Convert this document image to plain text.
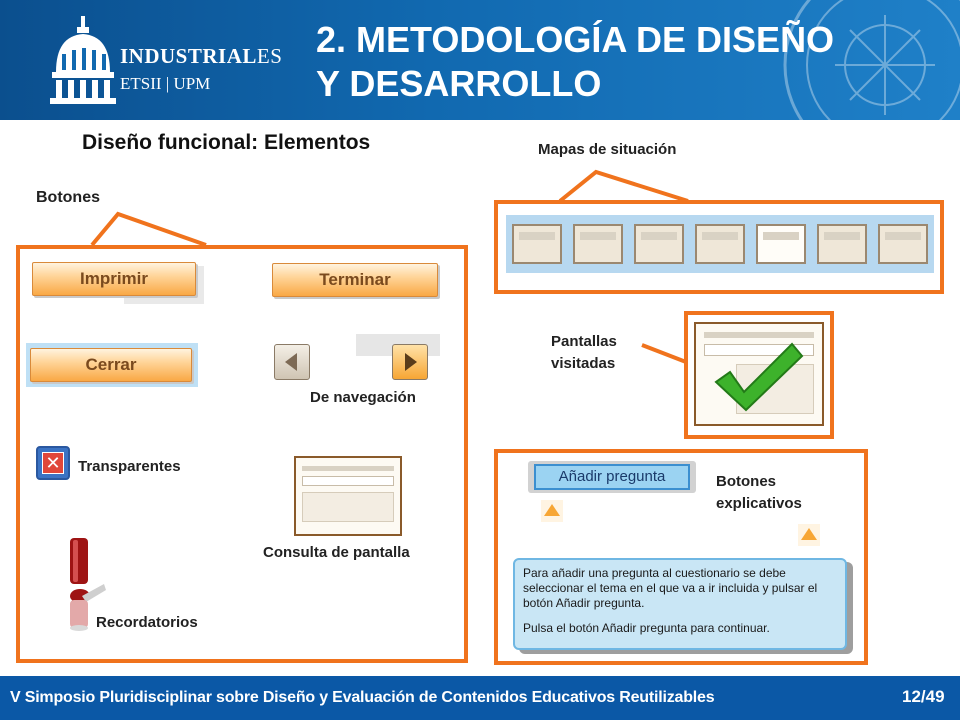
INDUSTRIALES
ETSII | UPM
2. METODOLOGÍA DE DISEÑO
Y DESARROLLO
Diseño funcional: Elementos
Botones
Imprimir	Terminar
Cerrar
De navegación
✕ Transparentes
Consulta de pantalla
Recordatorios
Mapas de situación
Pantallas
visitadas
Añadir pregunta	Botones
explicativos

Para añadir una pregunta al cuestionario se debe

seleccionar el tema en el que va a ir incluida y pulsar el

botón Añadir pregunta.

Pulsa el botón Añadir pregunta para continuar.

V Simposio Pluridisciplinar sobre Diseño y Evaluación de Contenidos Educativos Reutilizables	12/49
